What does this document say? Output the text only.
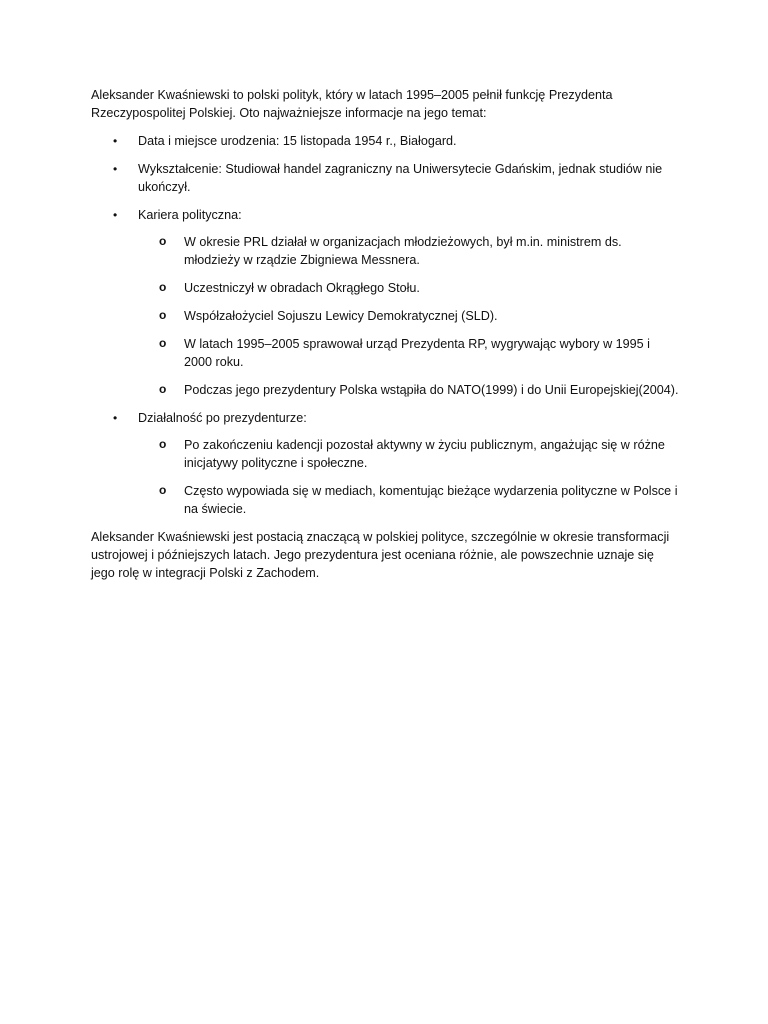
Aleksander Kwaśniewski to polski polityk, który w latach 1995–2005 pełnił funkcję Prezydenta Rzeczypospolitej Polskiej. Oto najważniejsze informacje na jego temat:

• Data i miejsce urodzenia: 15 listopada 1954 r., Białogard.
• Wykształcenie: Studiował handel zagraniczny na Uniwersytecie Gdańskim, jednak studiów nie ukończył.
• Kariera polityczna:
o W okresie PRL działał w organizacjach młodzieżowych, był m.in. ministrem ds. młodzieży w rządzie Zbigniewa Messnera.
o Uczestniczył w obradach Okrągłego Stołu.
o Współzałożyciel Sojuszu Lewicy Demokratycznej (SLD).
o W latach 1995–2005 sprawował urząd Prezydenta RP, wygrywając wybory w 1995 i 2000 roku.
o Podczas jego prezydentury Polska wstąpiła do NATO(1999) i do Unii Europejskiej(2004).
• Działalność po prezydenturze:
o Po zakończeniu kadencji pozostał aktywny w życiu publicznym, angażując się w różne inicjatywy polityczne i społeczne.
o Często wypowiada się w mediach, komentując bieżące wydarzenia polityczne w Polsce i na świecie.

Aleksander Kwaśniewski jest postacią znaczącą w polskiej polityce, szczególnie w okresie transformacji ustrojowej i późniejszych latach. Jego prezydentura jest oceniana różnie, ale powszechnie uznaje się jego rolę w integracji Polski z Zachodem.
